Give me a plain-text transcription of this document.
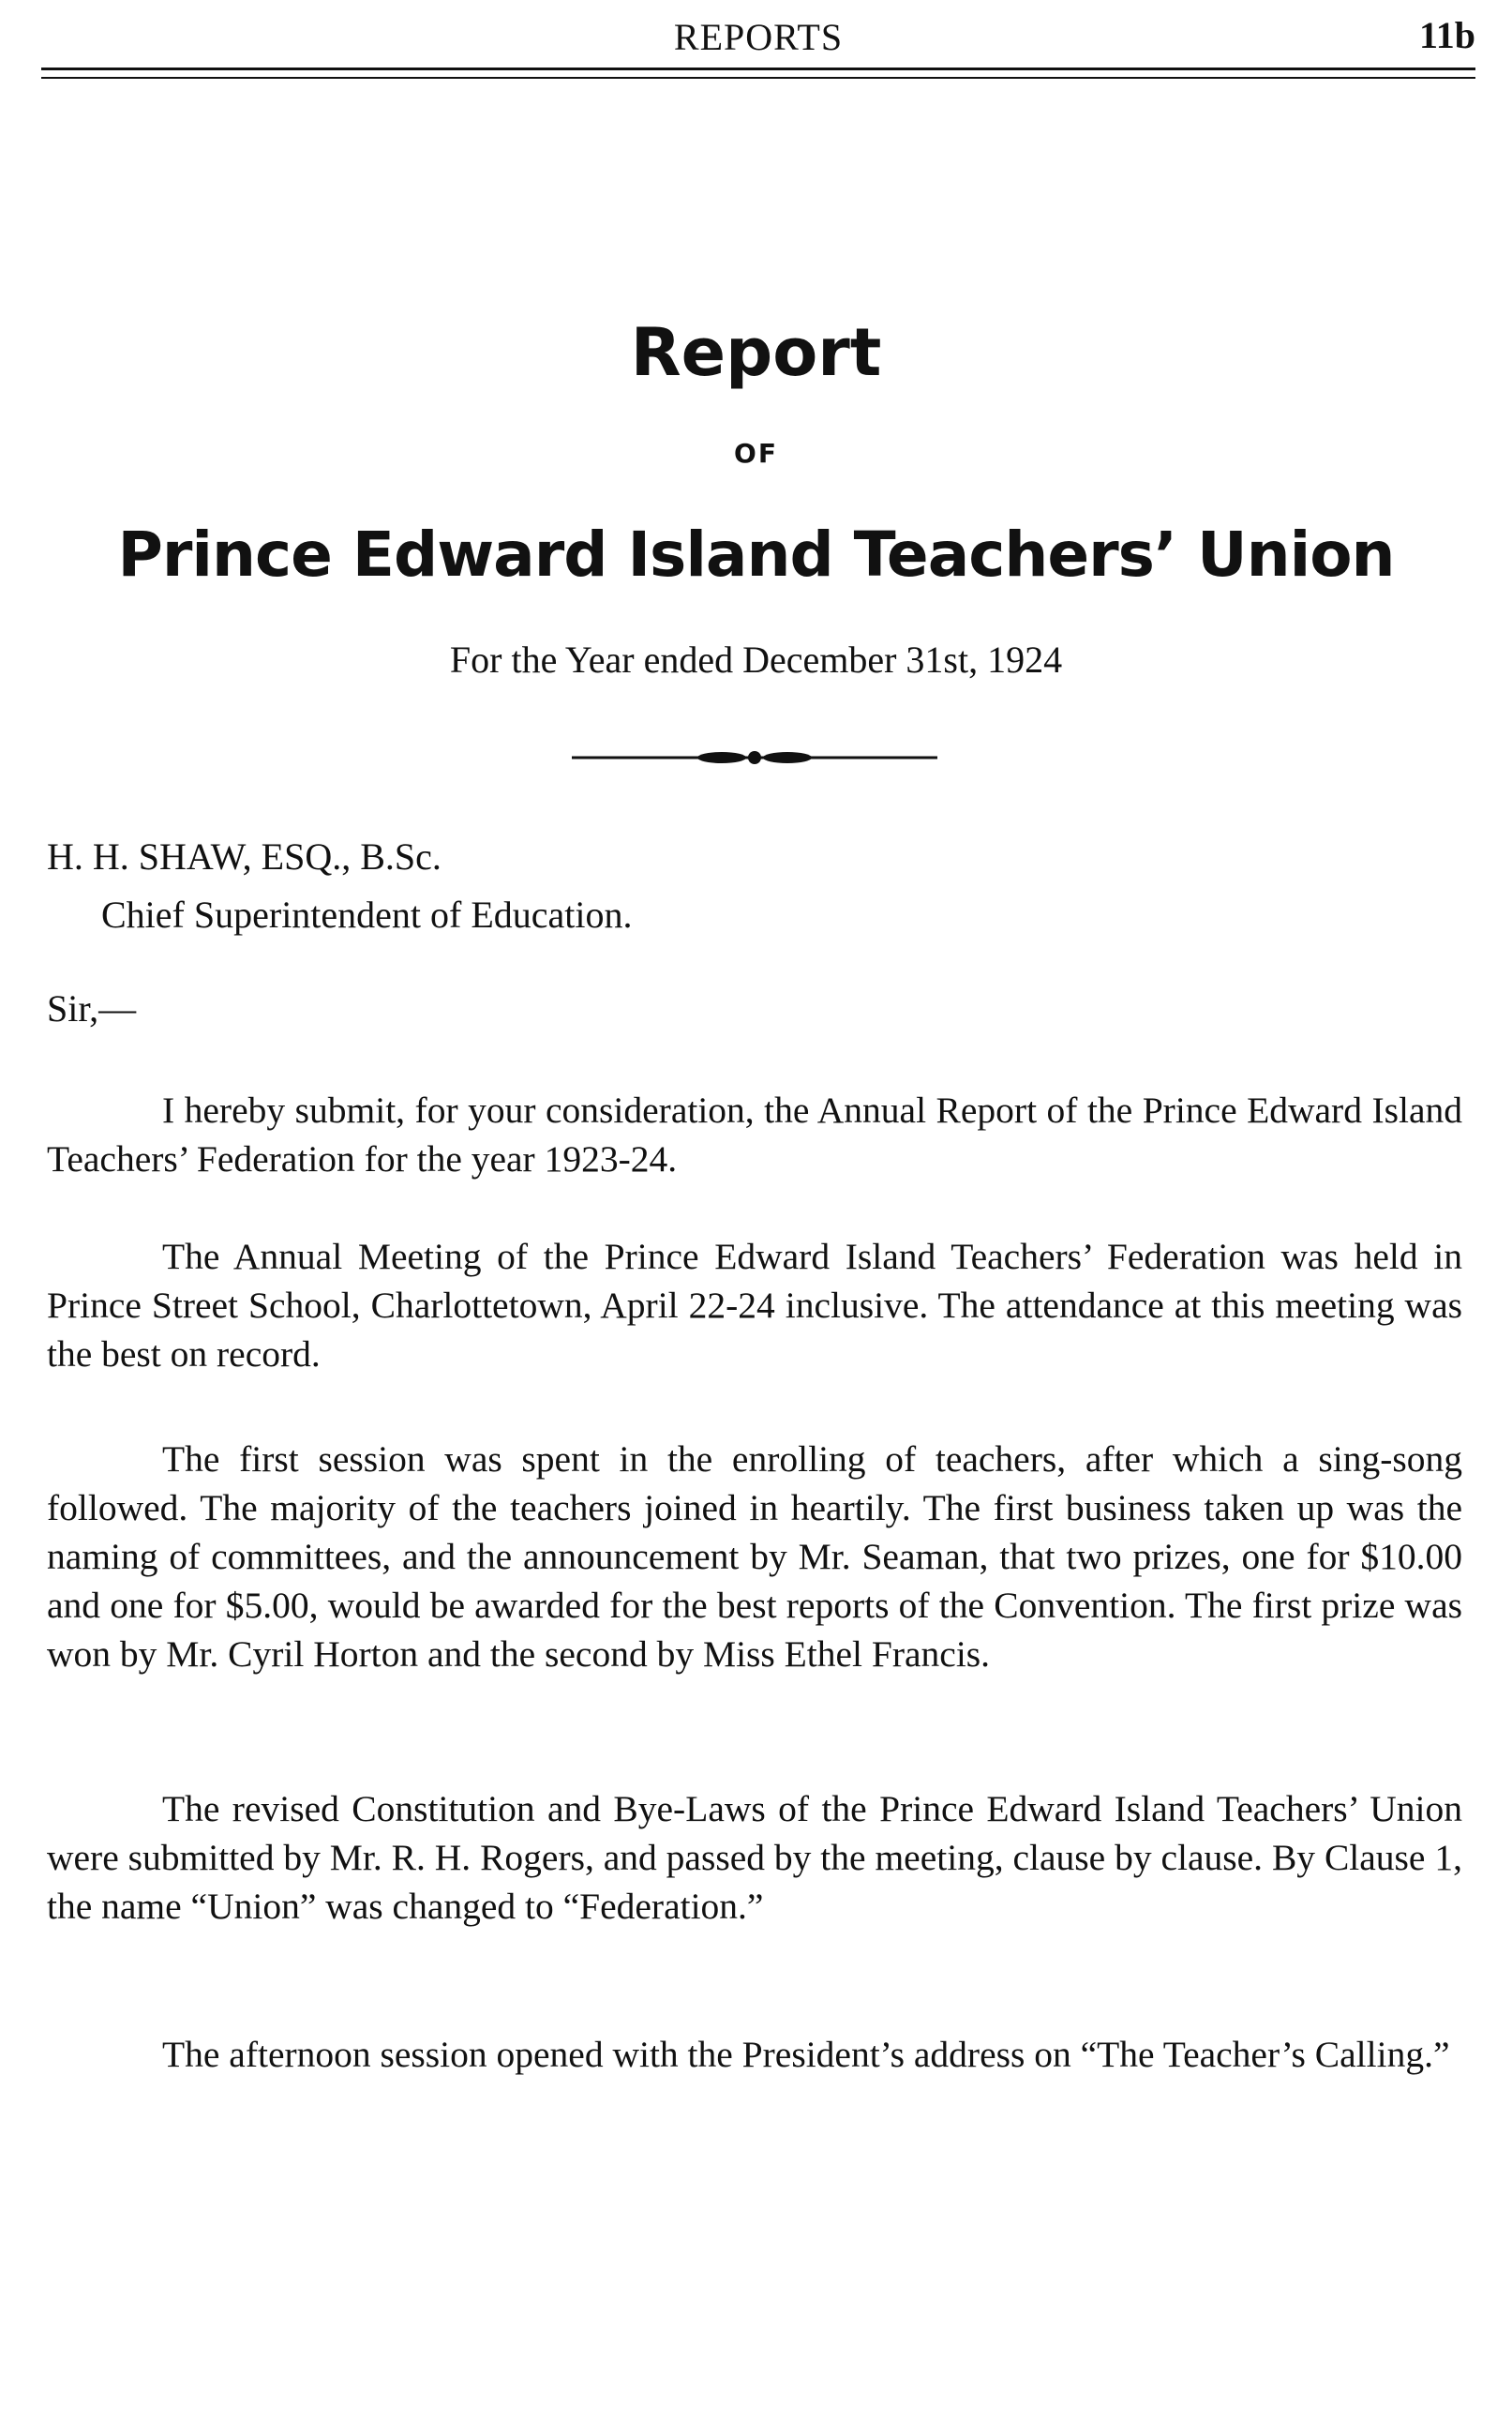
REPORTS	11b
Report
OF
Prince Edward Island Teachers’ Union
For the Year ended December 31st, 1924
H. H. SHAW, ESQ., B.Sc.
Chief Superintendent of Education.
Sir,—

I hereby submit, for your consideration, the Annual Report of the Prince Edward Island Teachers’ Federation for the year 1923-24.

The Annual Meeting of the Prince Edward Island Teachers’ Federation was held in Prince Street School, Charlottetown, April 22-24 inclusive. The attendance at this meeting was the best on record.

The first session was spent in the enrolling of teachers, after which a sing-song followed. The majority of the teachers joined in heartily. The first business taken up was the naming of committees, and the announcement by Mr. Seaman, that two prizes, one for $10.00 and one for $5.00, would be awarded for the best reports of the Convention. The first prize was won by Mr. Cyril Horton and the second by Miss Ethel Francis.

The revised Constitution and Bye-Laws of the Prince Edward Island Teachers’ Union were submitted by Mr. R. H. Rogers, and passed by the meeting, clause by clause. By Clause 1, the name “Union” was changed to “Federation.”

The afternoon session opened with the President’s address on “The Teacher’s Calling.”
